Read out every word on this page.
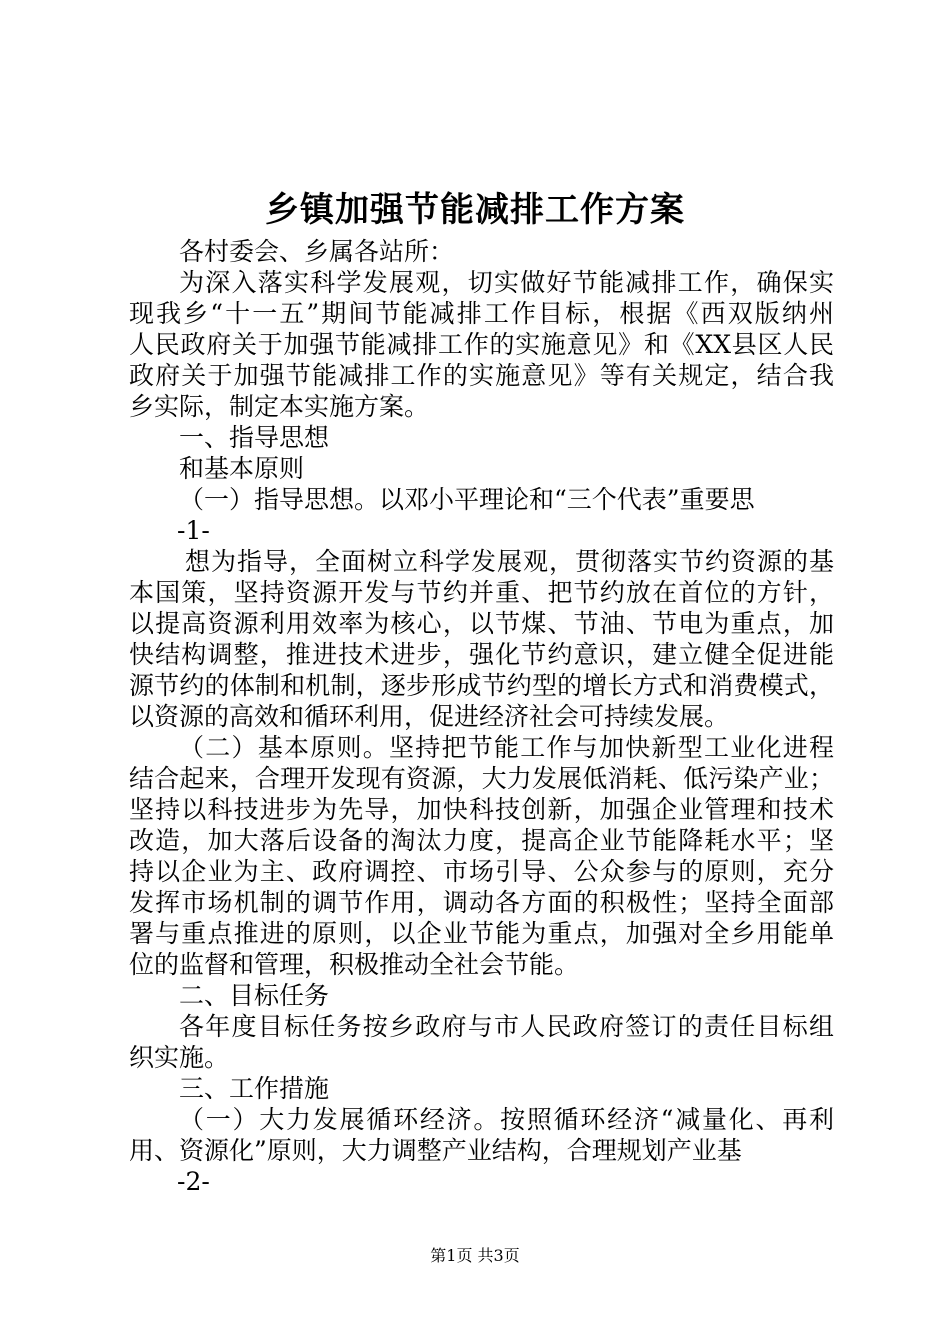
乡镇加强节能减排工作方案
各村委会、乡属各站所：
为深入落实科学发展观，切实做好节能减排工作，确保实
现我乡“十一五”期间节能减排工作目标，根据《西双版纳州
人民政府关于加强节能减排工作的实施意见》和《XX县区人民
政府关于加强节能减排工作的实施意见》等有关规定，结合我
乡实际，制定本实施方案。
一、指导思想
和基本原则
（一）指导思想。以邓小平理论和“三个代表”重要思
-1-
想为指导，全面树立科学发展观，贯彻落实节约资源的基
本国策，坚持资源开发与节约并重、把节约放在首位的方针，
以提高资源利用效率为核心，以节煤、节油、节电为重点，加
快结构调整，推进技术进步，强化节约意识，建立健全促进能
源节约的体制和机制，逐步形成节约型的增长方式和消费模式，
以资源的高效和循环利用，促进经济社会可持续发展。
（二）基本原则。坚持把节能工作与加快新型工业化进程
结合起来，合理开发现有资源，大力发展低消耗、低污染产业；
坚持以科技进步为先导，加快科技创新，加强企业管理和技术
改造，加大落后设备的淘汰力度，提高企业节能降耗水平；坚
持以企业为主、政府调控、市场引导、公众参与的原则，充分
发挥市场机制的调节作用，调动各方面的积极性；坚持全面部
署与重点推进的原则，以企业节能为重点，加强对全乡用能单
位的监督和管理，积极推动全社会节能。
二、目标任务
各年度目标任务按乡政府与市人民政府签订的责任目标组
织实施。
三、工作措施
（一）大力发展循环经济。按照循环经济“减量化、再利
用、资源化”原则，大力调整产业结构，合理规划产业基
-2-
第1页 共3页
